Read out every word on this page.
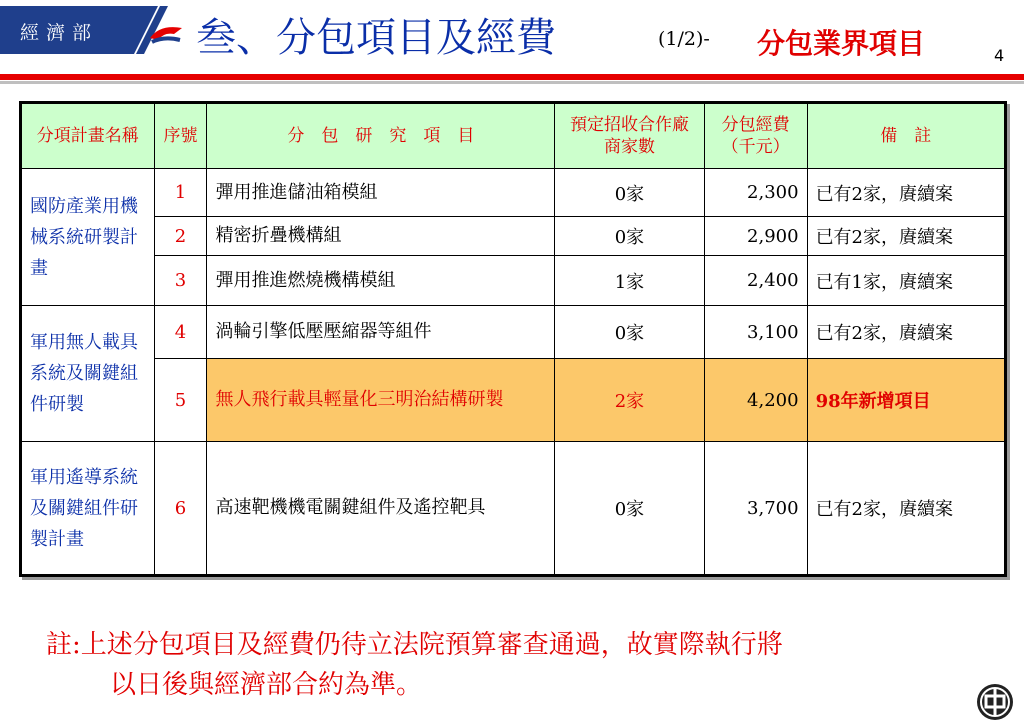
經濟部 叁、分包項目及經費	(1/2)- 分包業界項目	4
分項計畫名稱	序號	分　包　研　究　項　目	預定招收合作廠商家數	分包經費（千元）	備　註
國防產業用機械系統研製計畫	1	彈用推進儲油箱模組	0家	2,300	已有2家，賡續案
	2	精密折疊機構組	0家	2,900	已有2家，賡續案
	3	彈用推進燃燒機構模組	1家	2,400	已有1家，賡續案
軍用無人載具系統及關鍵組件研製	4	渦輪引擎低壓壓縮器等組件	0家	3,100	已有2家，賡續案
	5	無人飛行載具輕量化三明治結構研製	2家	4,200	98年新增項目
軍用遙導系統及關鍵組件研製計畫	6	高速靶機機電關鍵組件及遙控靶具	0家	3,700	已有2家，賡續案
註:上述分包項目及經費仍待立法院預算審查通過，故實際執行將
以日後與經濟部合約為準。
